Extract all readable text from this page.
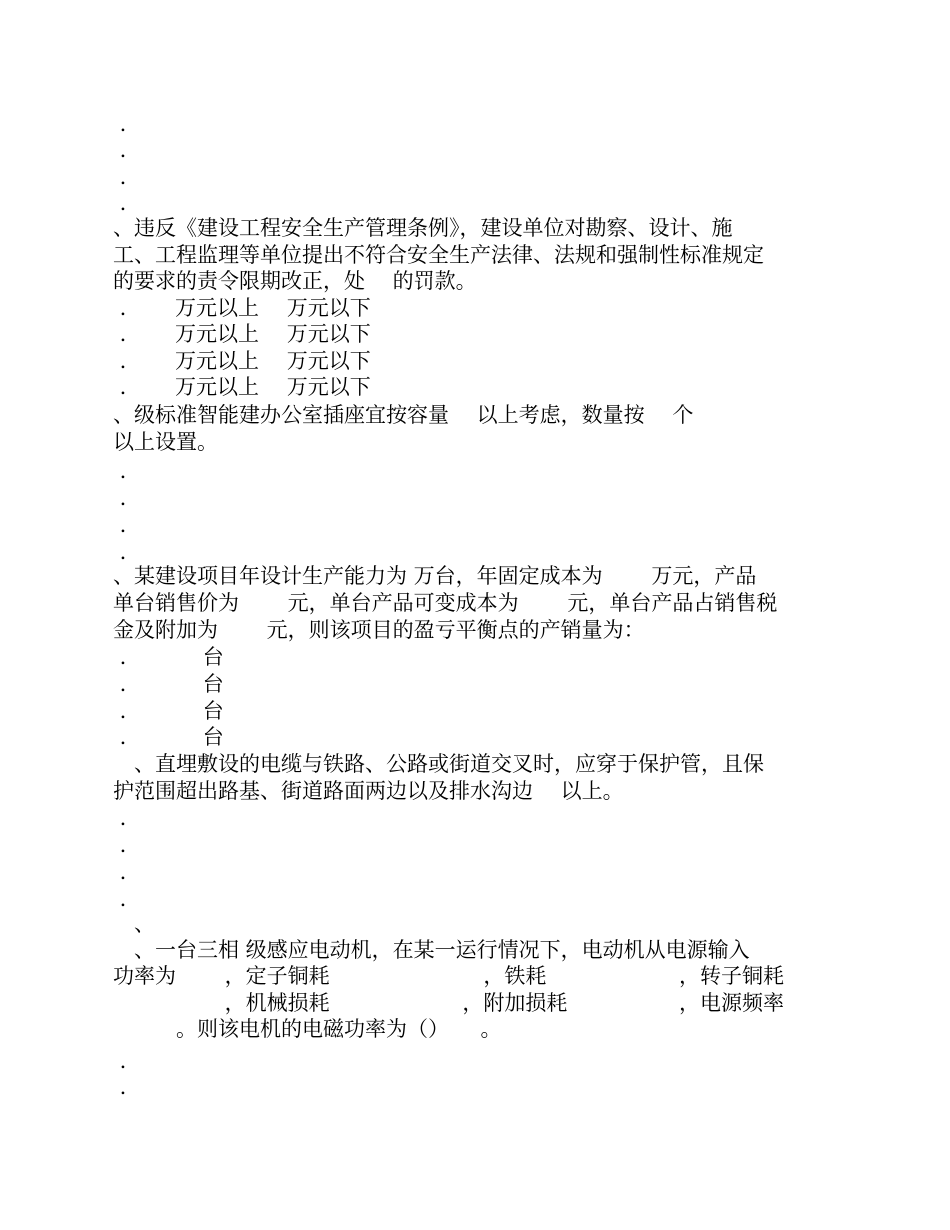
.
.
.
.
、违反《建设工程安全生产管理条例》，建设单位对勘察、设计、施
工、工程监理等单位提出不符合安全生产法律、法规和强制性标准规定
的要求的责令限期改正，处　 的罚款。
.　 　万元以上　 万元以下
.　 　万元以上　 万元以下
.　 　万元以上　 万元以下
.　 　万元以上　 万元以下
、级标准智能建办公室插座宜按容量　 以上考虑，数量按　 个
以上设置。
.
.
.
.
、某建设项目年设计生产能力为 万台，年固定成本为　　 万元，产品
单台销售价为　　 元，单台产品可变成本为　 　元，单台产品占销售税
金及附加为　 　元，则该项目的盈亏平衡点的产销量为：
.　　 　 台
.　　 　 台
.　　 　 台
.　　 　 台
　、直埋敷设的电缆与铁路、公路或街道交叉时，应穿于保护管，且保
护范围超出路基、街道路面两边以及排水沟边　 以上。
.
.
.
.
　、
　、一台三相 级感应电动机，在某一运行情况下，电动机从电源输入
功率为　　 ，定子铜耗　　　　　　　 ，铁耗　　　　　　 ，转子铜耗
　　　　　 ，机械损耗　　　　　　 ，附加损耗　　　　　 ，电源频率
　　　。则该电机的电磁功率为（）　　。
.
.
